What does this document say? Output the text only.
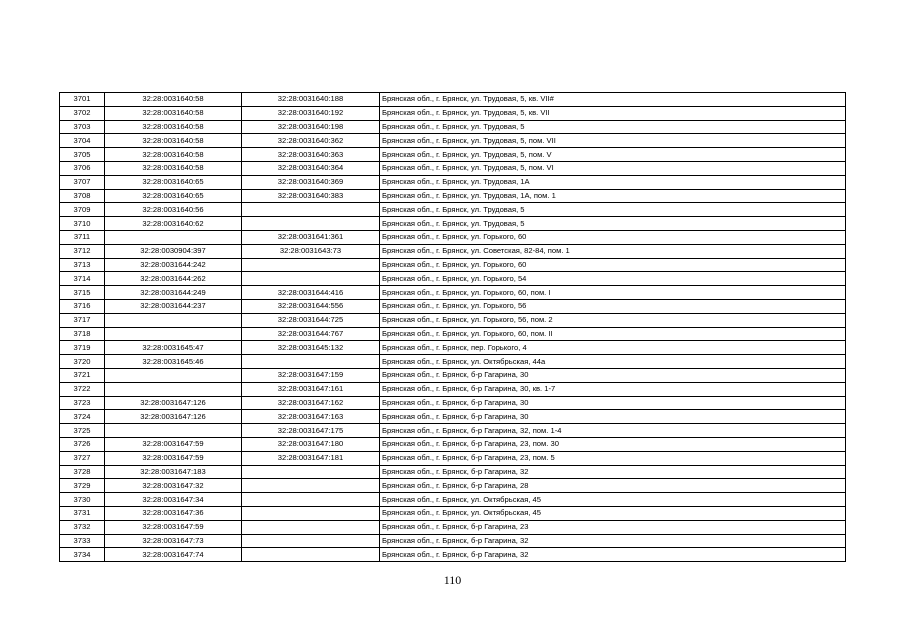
3701	32:28:0031640:58	32:28:0031640:188	Брянская обл., г. Брянск, ул. Трудовая, 5, кв. VII#
3702	32:28:0031640:58	32:28:0031640:192	Брянская обл., г. Брянск, ул. Трудовая, 5, кв. VII
3703	32:28:0031640:58	32:28:0031640:198	Брянская обл., г. Брянск, ул. Трудовая, 5
3704	32:28:0031640:58	32:28:0031640:362	Брянская обл., г. Брянск, ул. Трудовая, 5, пом. VII
3705	32:28:0031640:58	32:28:0031640:363	Брянская обл., г. Брянск, ул. Трудовая, 5, пом. V
3706	32:28:0031640:58	32:28:0031640:364	Брянская обл., г. Брянск, ул. Трудовая, 5, пом. VI
3707	32:28:0031640:65	32:28:0031640:369	Брянская обл., г. Брянск, ул. Трудовая, 1А
3708	32:28:0031640:65	32:28:0031640:383	Брянская обл., г. Брянск, ул. Трудовая, 1А, пом. 1
3709	32:28:0031640:56		Брянская обл., г. Брянск, ул. Трудовая, 5
3710	32:28:0031640:62		Брянская обл., г. Брянск, ул. Трудовая, 5
3711		32:28:0031641:361	Брянская обл., г. Брянск, ул. Горького, 60
3712	32:28:0030904:397	32:28:0031643:73	Брянская обл., г. Брянск, ул. Советская, 82-84, пом. 1
3713	32:28:0031644:242		Брянская обл., г. Брянск, ул. Горького, 60
3714	32:28:0031644:262		Брянская обл., г. Брянск, ул. Горького, 54
3715	32:28:0031644:249	32:28:0031644:416	Брянская обл., г. Брянск, ул. Горького, 60, пом. I
3716	32:28:0031644:237	32:28:0031644:556	Брянская обл., г. Брянск, ул. Горького, 56
3717		32:28:0031644:725	Брянская обл., г. Брянск, ул. Горького, 56, пом. 2
3718		32:28:0031644:767	Брянская обл., г. Брянск, ул. Горького, 60, пом. II
3719	32:28:0031645:47	32:28:0031645:132	Брянская обл., г. Брянск, пер. Горького, 4
3720	32:28:0031645:46		Брянская обл., г. Брянск, ул. Октябрьская, 44а
3721		32:28:0031647:159	Брянская обл., г. Брянск, б-р Гагарина, 30
3722		32:28:0031647:161	Брянская обл., г. Брянск, б-р Гагарина, 30, кв. 1-7
3723	32:28:0031647:126	32:28:0031647:162	Брянская обл., г. Брянск, б-р Гагарина, 30
3724	32:28:0031647:126	32:28:0031647:163	Брянская обл., г. Брянск, б-р Гагарина, 30
3725		32:28:0031647:175	Брянская обл., г. Брянск, б-р Гагарина, 32, пом. 1-4
3726	32:28:0031647:59	32:28:0031647:180	Брянская обл., г. Брянск, б-р Гагарина, 23, пом. 30
3727	32:28:0031647:59	32:28:0031647:181	Брянская обл., г. Брянск, б-р Гагарина, 23, пом. 5
3728	32:28:0031647:183		Брянская обл., г. Брянск, б-р Гагарина, 32
3729	32:28:0031647:32		Брянская обл., г. Брянск, б-р Гагарина, 28
3730	32:28:0031647:34		Брянская обл., г. Брянск, ул. Октябрьская, 45
3731	32:28:0031647:36		Брянская обл., г. Брянск, ул. Октябрьская, 45
3732	32:28:0031647:59		Брянская обл., г. Брянск, б-р Гагарина, 23
3733	32:28:0031647:73		Брянская обл., г. Брянск, б-р Гагарина, 32
3734	32:28:0031647:74		Брянская обл., г. Брянск, б-р Гагарина, 32
110
